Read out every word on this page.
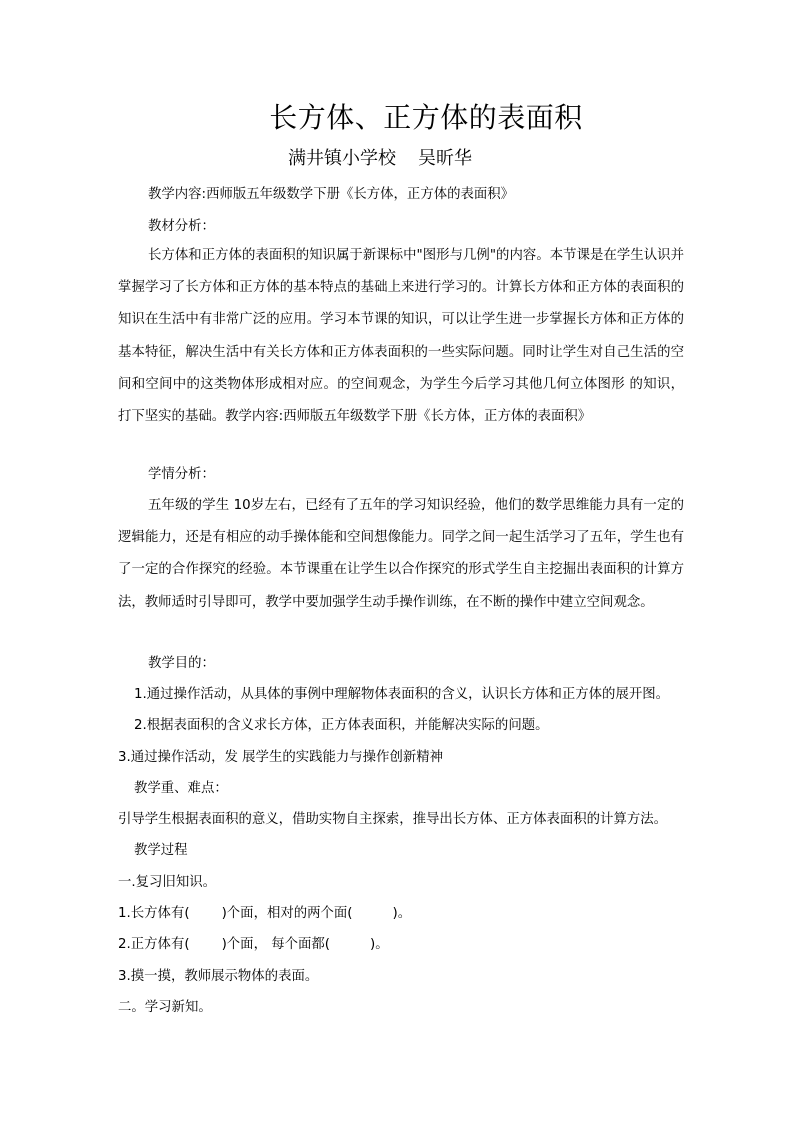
长方体、正方体的表面积
满井镇小学校 吴昕华
教学内容:西师版五年级数学下册《长方体，正方体的表面积》
教材分析：
长方体和正方体的表面积的知识属于新课标中"图形与几例"的内容。本节课是在学生认识并掌握学习了长方体和正方体的基本特点的基础上来进行学习的。计算长方体和正方体的表面积的知识在生活中有非常广泛的应用。学习本节课的知识，可以让学生进一步掌握长方体和正方体的基本特征，解决生活中有关长方体和正方体表面积的一些实际问题。同时让学生对自己生活的空间和空间中的这类物体形成相对应。的空间观念，为学生今后学习其他几何立体图形 的知识，打下坚实的基础。教学内容:西师版五年级数学下册《长方体，正方体的表面积》
学情分析：
五年级的学生 10岁左右，已经有了五年的学习知识经验，他们的数学思维能力具有一定的逻辑能力，还是有相应的动手操体能和空间想像能力。同学之间一起生活学习了五年，学生也有了一定的合作探究的经验。本节课重在让学生以合作探究的形式学生自主挖掘出表面积的计算方法，教师适时引导即可，教学中要加强学生动手操作训练，在不断的操作中建立空间观念。
教学目的：
1.通过操作活动，从具体的事例中理解物体表面积的含义，认识长方体和正方体的展开图。
2.根据表面积的含义求长方体，正方体表面积，并能解决实际的问题。
3.通过操作活动，发 展学生的实践能力与操作创新精神
教学重、难点：
引导学生根据表面积的意义，借助实物自主探索，推导出长方体、正方体表面积的计算方法。
教学过程
一.复习旧知识。
1.长方体有( )个面，相对的两个面(	)。
2.正方体有( )个面， 每个面都(	)。
3.摸一摸，教师展示物体的表面。
二。学习新知。
